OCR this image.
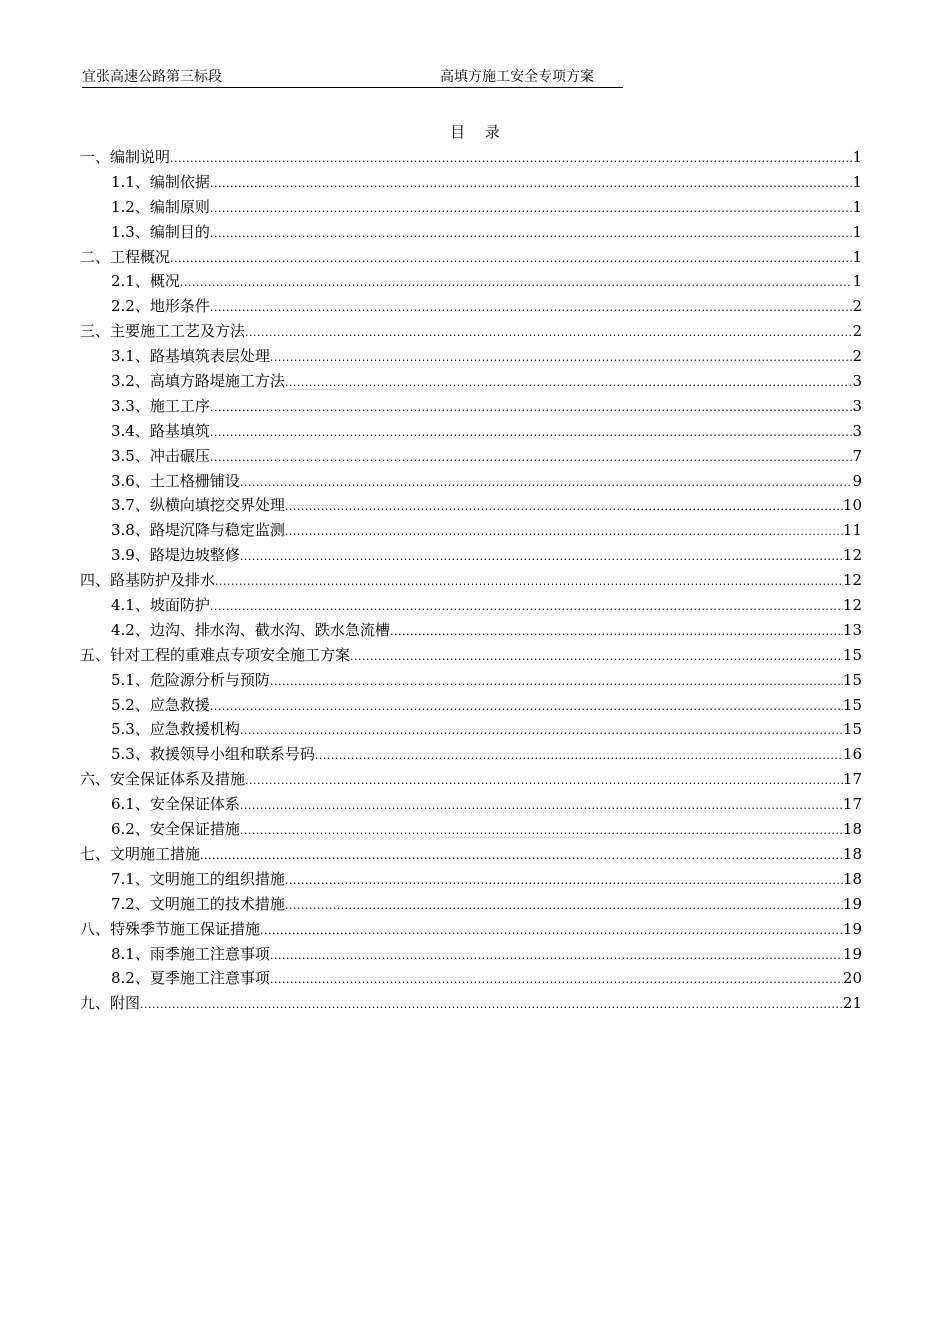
宜张高速公路第三标段	高填方施工安全专项方案
目 录
一、编制说明 .....	1
1.1、编制依据 .....	1
1.2、编制原则 .....	1
1.3、编制目的 .....	1
二、工程概况 .....	1
2.1、概况 .....	1
2.2、地形条件 .....	2
三、主要施工工艺及方法 .....	2
3.1、路基填筑表层处理 .....	2
3.2、高填方路堤施工方法 .....	3
3.3、施工工序 .....	3
3.4、路基填筑 .....	3
3.5、冲击碾压 .....	7
3.6、土工格栅铺设 .....	9
3.7、纵横向填挖交界处理 .....	10
3.8、路堤沉降与稳定监测 .....	11
3.9、路堤边坡整修 .....	12
四、路基防护及排水 .....	12
4.1、坡面防护 .....	12
4.2、边沟、排水沟、截水沟、跌水急流槽 .....	13
五、针对工程的重难点专项安全施工方案 .....	15
5.1、危险源分析与预防 .....	15
5.2、应急救援 .....	15
5.3、应急救援机构 .....	15
5.3、救援领导小组和联系号码 .....	16
六、安全保证体系及措施 .....	17
6.1、安全保证体系 .....	17
6.2、安全保证措施 .....	18
七、文明施工措施 .....	18
7.1、文明施工的组织措施 .....	18
7.2、文明施工的技术措施 .....	19
八、特殊季节施工保证措施 .....	19
8.1、雨季施工注意事项 .....	19
8.2、夏季施工注意事项 .....	20
九、附图 .....	21
